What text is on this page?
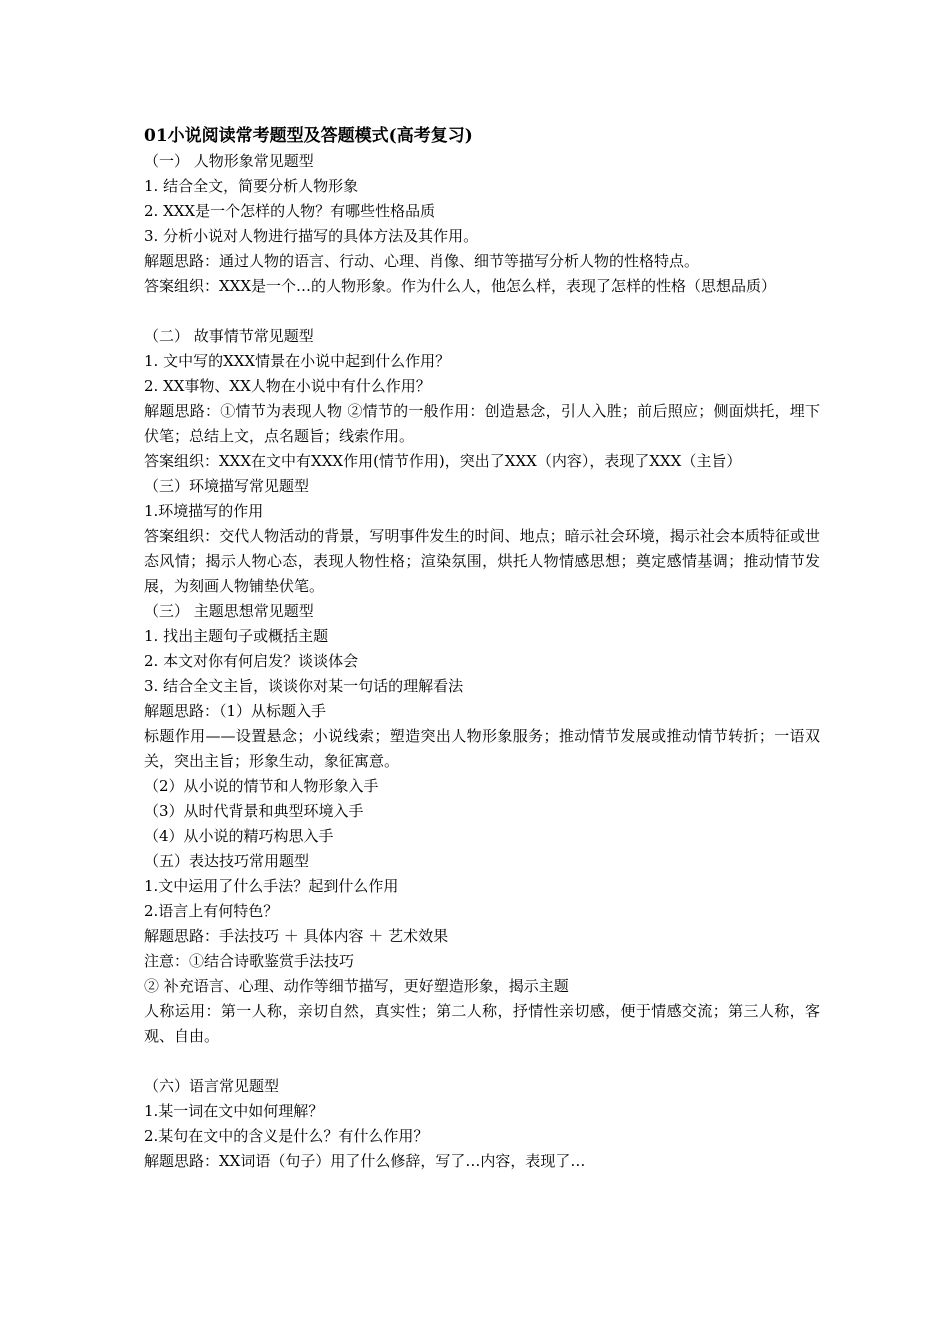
01小说阅读常考题型及答题模式(高考复习)
（一） 人物形象常见题型
1. 结合全文，简要分析人物形象
2. XXX是一个怎样的人物？有哪些性格品质
3. 分析小说对人物进行描写的具体方法及其作用。
解题思路：通过人物的语言、行动、心理、肖像、细节等描写分析人物的性格特点。
答案组织：XXX是一个…的人物形象。作为什么人，他怎么样，表现了怎样的性格（思想品质）
（二） 故事情节常见题型
1. 文中写的XXX情景在小说中起到什么作用？
2. XX事物、XX人物在小说中有什么作用？
解题思路：①情节为表现人物 ②情节的一般作用：创造悬念，引人入胜；前后照应；侧面烘托，埋下伏笔；总结上文，点名题旨；线索作用。
答案组织：XXX在文中有XXX作用(情节作用)，突出了XXX（内容），表现了XXX（主旨）
（三）环境描写常见题型
1.环境描写的作用
答案组织：交代人物活动的背景，写明事件发生的时间、地点；暗示社会环境，揭示社会本质特征或世态风情；揭示人物心态，表现人物性格；渲染氛围，烘托人物情感思想；奠定感情基调；推动情节发展，为刻画人物铺垫伏笔。
（三） 主题思想常见题型
1. 找出主题句子或概括主题
2. 本文对你有何启发？谈谈体会
3. 结合全文主旨，谈谈你对某一句话的理解看法
解题思路：（1）从标题入手
标题作用——设置悬念；小说线索；塑造突出人物形象服务；推动情节发展或推动情节转折；一语双关，突出主旨；形象生动，象征寓意。
（2）从小说的情节和人物形象入手
（3）从时代背景和典型环境入手
（4）从小说的精巧构思入手
（五）表达技巧常用题型
1.文中运用了什么手法？起到什么作用
2.语言上有何特色？
解题思路：手法技巧 ＋ 具体内容 ＋ 艺术效果
注意：①结合诗歌鉴赏手法技巧
② 补充语言、心理、动作等细节描写，更好塑造形象，揭示主题
人称运用：第一人称，亲切自然，真实性；第二人称，抒情性亲切感，便于情感交流；第三人称，客观、自由。
（六）语言常见题型
1.某一词在文中如何理解？
2.某句在文中的含义是什么？有什么作用？
解题思路：XX词语（句子）用了什么修辞，写了…内容，表现了…
